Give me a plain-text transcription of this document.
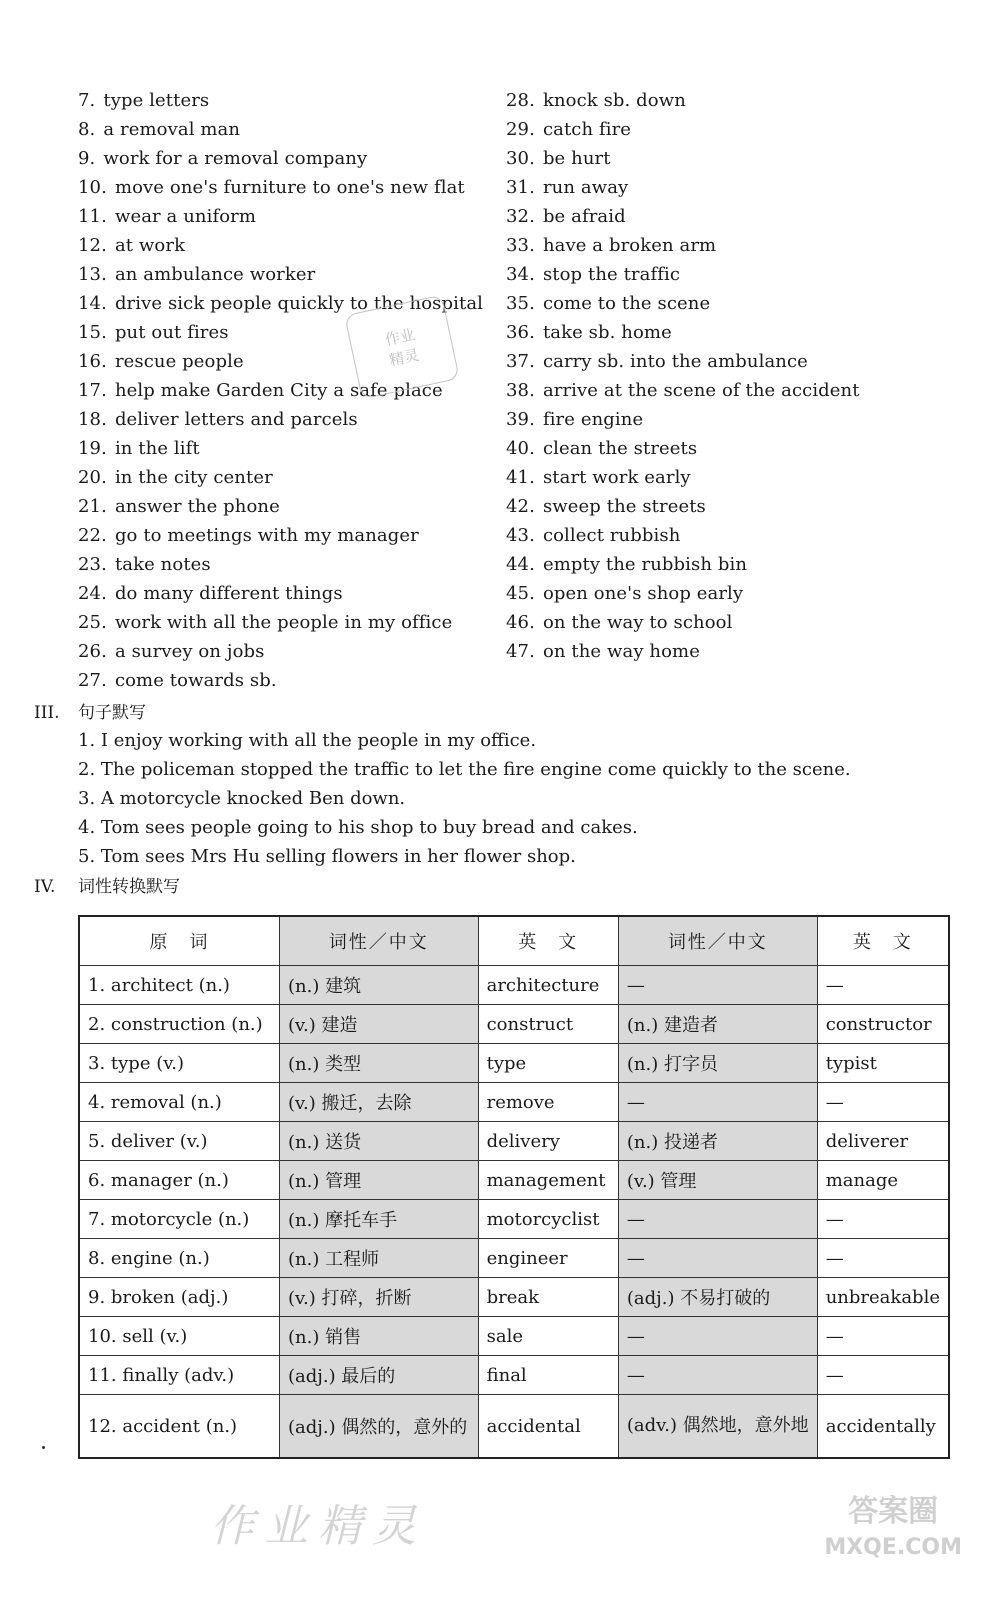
7. type letters
8. a removal man
9. work for a removal company
10. move one's furniture to one's new flat
11. wear a uniform
12. at work
13. an ambulance worker
14. drive sick people quickly to the hospital
15. put out fires
16. rescue people
17. help make Garden City a safe place
18. deliver letters and parcels
19. in the lift
20. in the city center
21. answer the phone
22. go to meetings with my manager
23. take notes
24. do many different things
25. work with all the people in my office
26. a survey on jobs
27. come towards sb.
28. knock sb. down
29. catch fire
30. be hurt
31. run away
32. be afraid
33. have a broken arm
34. stop the traffic
35. come to the scene
36. take sb. home
37. carry sb. into the ambulance
38. arrive at the scene of the accident
39. fire engine
40. clean the streets
41. start work early
42. sweep the streets
43. collect rubbish
44. empty the rubbish bin
45. open one's shop early
46. on the way to school
47. on the way home
作业
精灵
III. 句子默写
1. I enjoy working with all the people in my office.
2. The policeman stopped the traffic to let the fire engine come quickly to the scene.
3. A motorcycle knocked Ben down.
4. Tom sees people going to his shop to buy bread and cakes.
5. Tom sees Mrs Hu selling flowers in her flower shop.
IV. 词性转换默写
原　词	词性／中文	英　文	词性／中文	英　文
1. architect (n.)	(n.) 建筑	architecture	—	—
2. construction (n.)	(v.) 建造	construct	(n.) 建造者	constructor
3. type (v.)	(n.) 类型	type	(n.) 打字员	typist
4. removal (n.)	(v.) 搬迁，去除	remove	—	—
5. deliver (v.)	(n.) 送货	delivery	(n.) 投递者	deliverer
6. manager (n.)	(n.) 管理	management	(v.) 管理	manage
7. motorcycle (n.)	(n.) 摩托车手	motorcyclist	—	—
8. engine (n.)	(n.) 工程师	engineer	—	—
9. broken (adj.)	(v.) 打碎，折断	break	(adj.) 不易打破的	unbreakable
10. sell (v.)	(n.) 销售	sale	—	—
11. finally (adv.)	(adj.) 最后的	final	—	—
12. accident (n.)	(adj.) 偶然的，意外的	accidental	(adv.) 偶然地，意外地	accidentally
作业精灵	答案圈
MXQE.COM
